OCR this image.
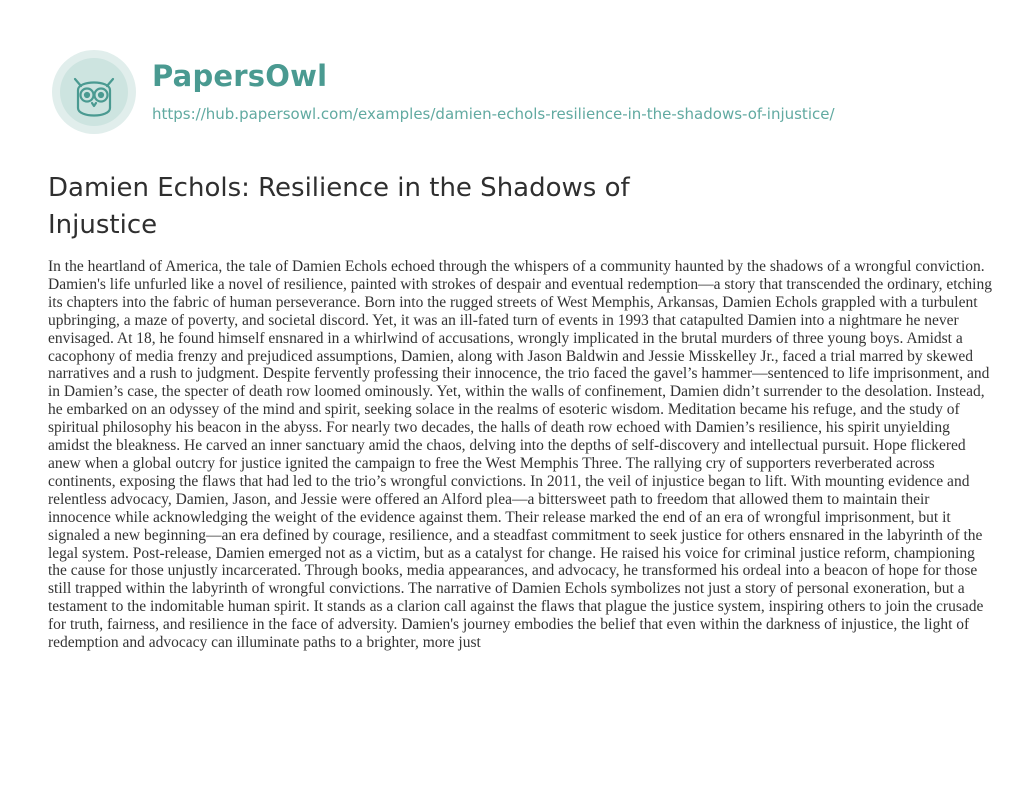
PapersOwl
https://hub.papersowl.com/examples/damien-echols-resilience-in-the-shadows-of-injustice/
Damien Echols: Resilience in the Shadows of Injustice

In the heartland of America, the tale of Damien Echols echoed through the whispers of a community haunted by the shadows of a wrongful conviction. Damien's life unfurled like a novel of resilience, painted with strokes of despair and eventual redemption—a story that transcended the ordinary, etching its chapters into the fabric of human perseverance. Born into the rugged streets of West Memphis, Arkansas, Damien Echols grappled with a turbulent upbringing, a maze of poverty, and societal discord. Yet, it was an ill-fated turn of events in 1993 that catapulted Damien into a nightmare he never envisaged. At 18, he found himself ensnared in a whirlwind of accusations, wrongly implicated in the brutal murders of three young boys. Amidst a cacophony of media frenzy and prejudiced assumptions, Damien, along with Jason Baldwin and Jessie Misskelley Jr., faced a trial marred by skewed narratives and a rush to judgment. Despite fervently professing their innocence, the trio faced the gavel’s hammer—sentenced to life imprisonment, and in Damien’s case, the specter of death row loomed ominously. Yet, within the walls of confinement, Damien didn’t surrender to the desolation. Instead, he embarked on an odyssey of the mind and spirit, seeking solace in the realms of esoteric wisdom. Meditation became his refuge, and the study of spiritual philosophy his beacon in the abyss. For nearly two decades, the halls of death row echoed with Damien’s resilience, his spirit unyielding amidst the bleakness. He carved an inner sanctuary amid the chaos, delving into the depths of self-discovery and intellectual pursuit. Hope flickered anew when a global outcry for justice ignited the campaign to free the West Memphis Three. The rallying cry of supporters reverberated across continents, exposing the flaws that had led to the trio’s wrongful convictions. In 2011, the veil of injustice began to lift. With mounting evidence and relentless advocacy, Damien, Jason, and Jessie were offered an Alford plea—a bittersweet path to freedom that allowed them to maintain their innocence while acknowledging the weight of the evidence against them. Their release marked the end of an era of wrongful imprisonment, but it signaled a new beginning—an era defined by courage, resilience, and a steadfast commitment to seek justice for others ensnared in the labyrinth of the legal system. Post-release, Damien emerged not as a victim, but as a catalyst for change. He raised his voice for criminal justice reform, championing the cause for those unjustly incarcerated. Through books, media appearances, and advocacy, he transformed his ordeal into a beacon of hope for those still trapped within the labyrinth of wrongful convictions. The narrative of Damien Echols symbolizes not just a story of personal exoneration, but a testament to the indomitable human spirit. It stands as a clarion call against the flaws that plague the justice system, inspiring others to join the crusade for truth, fairness, and resilience in the face of adversity. Damien's journey embodies the belief that even within the darkness of injustice, the light of redemption and advocacy can illuminate paths to a brighter, more just
